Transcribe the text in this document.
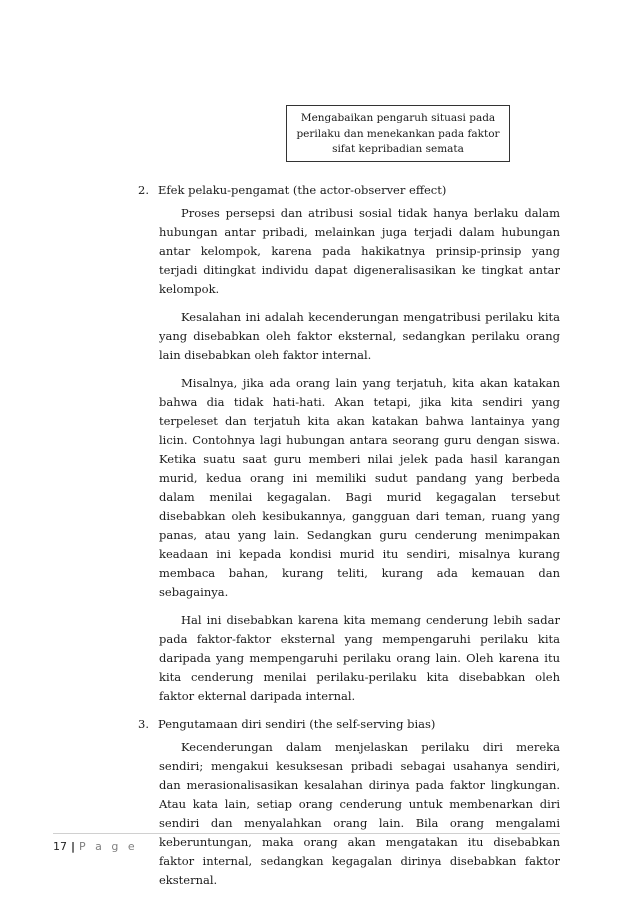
Mengabaikan pengaruh situasi pada
perilaku dan menekankan pada faktor
sifat kepribadian semata
2. Efek pelaku-pengamat (the actor-observer effect)

Proses persepsi dan atribusi sosial tidak hanya berlaku dalam hubungan antar pribadi, melainkan juga terjadi dalam hubungan antar kelompok, karena pada hakikatnya prinsip-prinsip yang terjadi ditingkat individu dapat digeneralisasikan ke tingkat antar kelompok.

Kesalahan ini adalah kecenderungan mengatribusi perilaku kita yang disebabkan oleh faktor eksternal, sedangkan perilaku orang lain disebabkan oleh faktor internal.

Misalnya, jika ada orang lain yang terjatuh, kita akan katakan bahwa dia tidak hati-hati. Akan tetapi, jika kita sendiri yang terpeleset dan terjatuh kita akan katakan bahwa lantainya yang licin. Contohnya lagi hubungan antara seorang guru dengan siswa. Ketika suatu saat guru memberi nilai jelek pada hasil karangan murid, kedua orang ini memiliki sudut pandang yang berbeda dalam menilai kegagalan. Bagi murid kegagalan tersebut disebabkan oleh kesibukannya, gangguan dari teman, ruang yang panas, atau yang lain. Sedangkan guru cenderung menimpakan keadaan ini kepada kondisi murid itu sendiri, misalnya kurang membaca bahan, kurang teliti, kurang ada kemauan dan sebagainya.

Hal ini disebabkan karena kita memang cenderung lebih sadar pada faktor-faktor eksternal yang mempengaruhi perilaku kita daripada yang mempengaruhi perilaku orang lain. Oleh karena itu kita cenderung menilai perilaku-perilaku kita disebabkan oleh faktor ekternal daripada internal.

3. Pengutamaan diri sendiri (the self-serving bias)

Kecenderungan dalam menjelaskan perilaku diri mereka sendiri; mengakui kesuksesan pribadi sebagai usahanya sendiri, dan merasionalisasikan kesalahan dirinya pada faktor lingkungan. Atau kata lain, setiap orang cenderung untuk membenarkan diri sendiri dan menyalahkan orang lain. Bila orang mengalami keberuntungan, maka orang akan mengatakan itu disebabkan faktor internal, sedangkan kegagalan dirinya disebabkan faktor eksternal.

17 | P a g e
